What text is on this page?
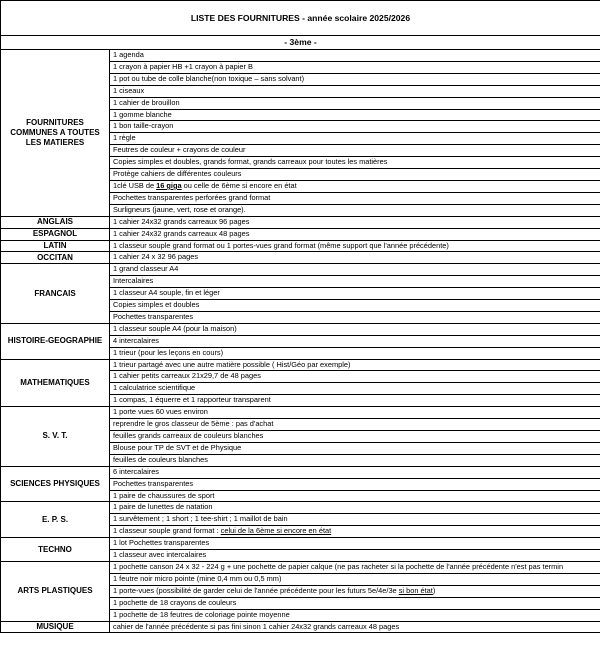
LISTE DES FOURNITURES - année scolaire 2025/2026	
- 3ème -	
FOURNITURES COMMUNES A TOUTES LES MATIERES	1 agenda
	1 crayon à papier HB +1 crayon à papier B
	1 pot ou tube de colle blanche(non toxique – sans solvant)
	1 ciseaux
	1 cahier de brouillon
	1 gomme blanche
	1 bon taille-crayon
	1 règle
	Feutres de couleur + crayons de couleur
	Copies simples et doubles, grands format, grands carreaux pour toutes les matières
	Protège cahiers de différentes couleurs
	1clé USB de 16 giga ou celle de 6ème si encore en état
	Pochettes transparentes perforées grand format
	Surligneurs (jaune, vert, rose et orange).
ANGLAIS	1 cahier 24x32 grands carreaux 96 pages
ESPAGNOL	1 cahier 24x32 grands carreaux 48 pages
LATIN	1 classeur souple grand format ou 1 portes-vues grand format (même support que l'année précédente)
OCCITAN	1 cahier 24 x 32 96 pages
FRANCAIS	1 grand classeur A4
	Intercalaires
	1 classeur A4 souple, fin et léger
	Copies simples et doubles
	Pochettes transparentes
HISTOIRE-GEOGRAPHIE	1 classeur souple A4 (pour la maison)
	4 intercalaires
	1 trieur (pour les leçons en cours)
MATHEMATIQUES	1 trieur partagé avec une autre matière possible ( Hist/Géo par exemple)
	1 cahier petits carreaux 21x29,7 de 48 pages
	1 calculatrice scientifique
	1 compas, 1 équerre et 1 rapporteur transparent
S. V. T.	1 porte vues 60 vues environ
	reprendre le gros classeur de 5ème : pas d'achat
	feuilles grands carreaux de couleurs blanches
	Blouse pour TP de SVT et de Physique
	feuilles de couleurs blanches
SCIENCES PHYSIQUES	6 intercalaires
	Pochettes transparentes
	1 paire de chaussures de sport
E. P. S.	1 paire de lunettes de natation
	1 survêtement ; 1 short ; 1 tee-shirt ; 1 maillot de bain
	1 classeur souple grand format : celui de la 6ème si encore en état
TECHNO	1 lot Pochettes transparentes
	1 classeur avec intercalaires
ARTS PLASTIQUES	1 pochette canson 24 x 32 - 224 g + une pochette de papier calque (ne pas racheter si la pochette de l'année précédente n'est pas termin
	1 feutre noir micro pointe (mine 0,4 mm ou 0,5 mm)
	1 porte-vues (possibilité de garder celui de l'année précédente pour les futurs 5e/4e/3e si bon état)
	1 pochette de 18 crayons de couleurs
	1 pochette de 18 feutres de coloriage pointe moyenne
MUSIQUE	cahier de l'année précédente si pas fini sinon 1 cahier 24x32 grands carreaux 48 pages
